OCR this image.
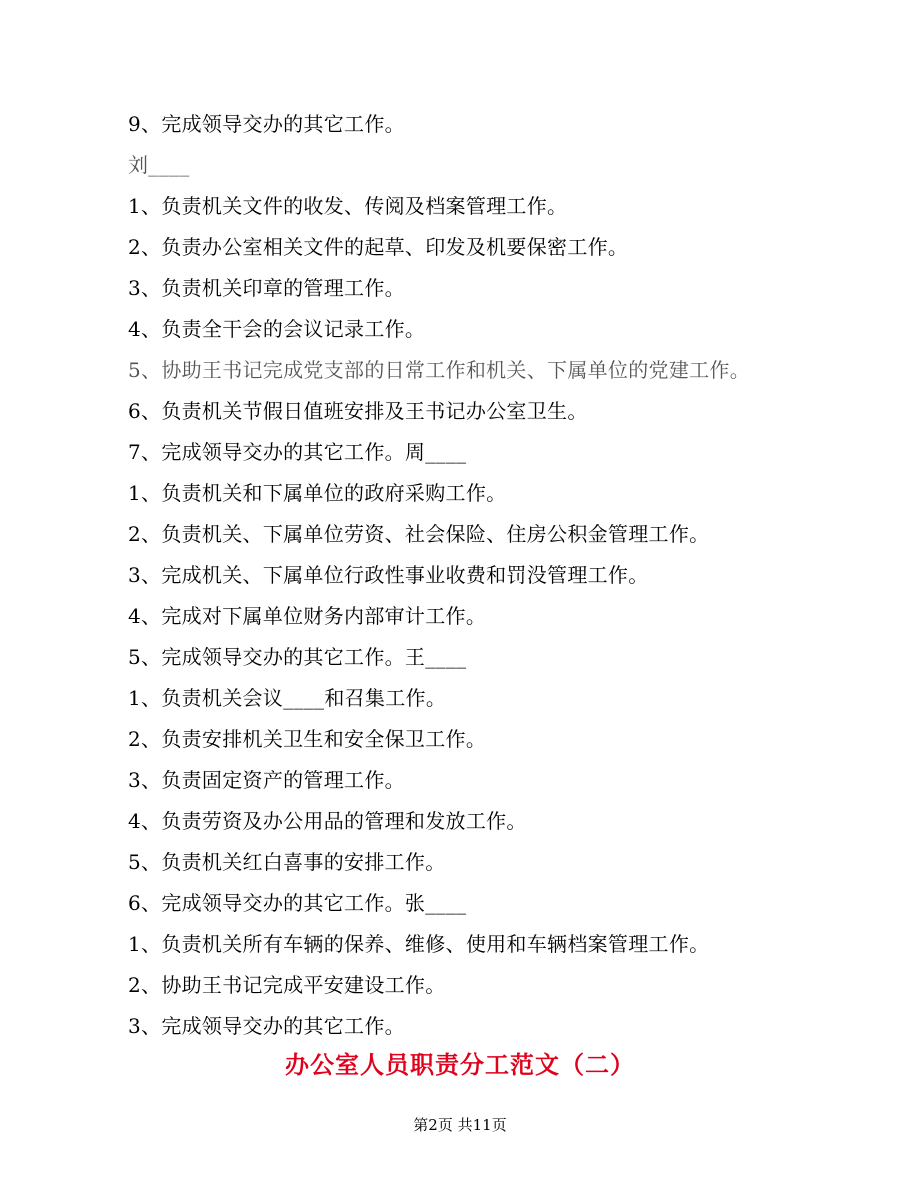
9、完成领导交办的其它工作。
刘____
1、负责机关文件的收发、传阅及档案管理工作。
2、负责办公室相关文件的起草、印发及机要保密工作。
3、负责机关印章的管理工作。
4、负责全干会的会议记录工作。
5、协助王书记完成党支部的日常工作和机关、下属单位的党建工作。
6、负责机关节假日值班安排及王书记办公室卫生。
7、完成领导交办的其它工作。周____
1、负责机关和下属单位的政府采购工作。
2、负责机关、下属单位劳资、社会保险、住房公积金管理工作。
3、完成机关、下属单位行政性事业收费和罚没管理工作。
4、完成对下属单位财务内部审计工作。
5、完成领导交办的其它工作。王____
1、负责机关会议____和召集工作。
2、负责安排机关卫生和安全保卫工作。
3、负责固定资产的管理工作。
4、负责劳资及办公用品的管理和发放工作。
5、负责机关红白喜事的安排工作。
6、完成领导交办的其它工作。张____
1、负责机关所有车辆的保养、维修、使用和车辆档案管理工作。
2、协助王书记完成平安建设工作。
3、完成领导交办的其它工作。
办公室人员职责分工范文（二）
第2页 共11页
